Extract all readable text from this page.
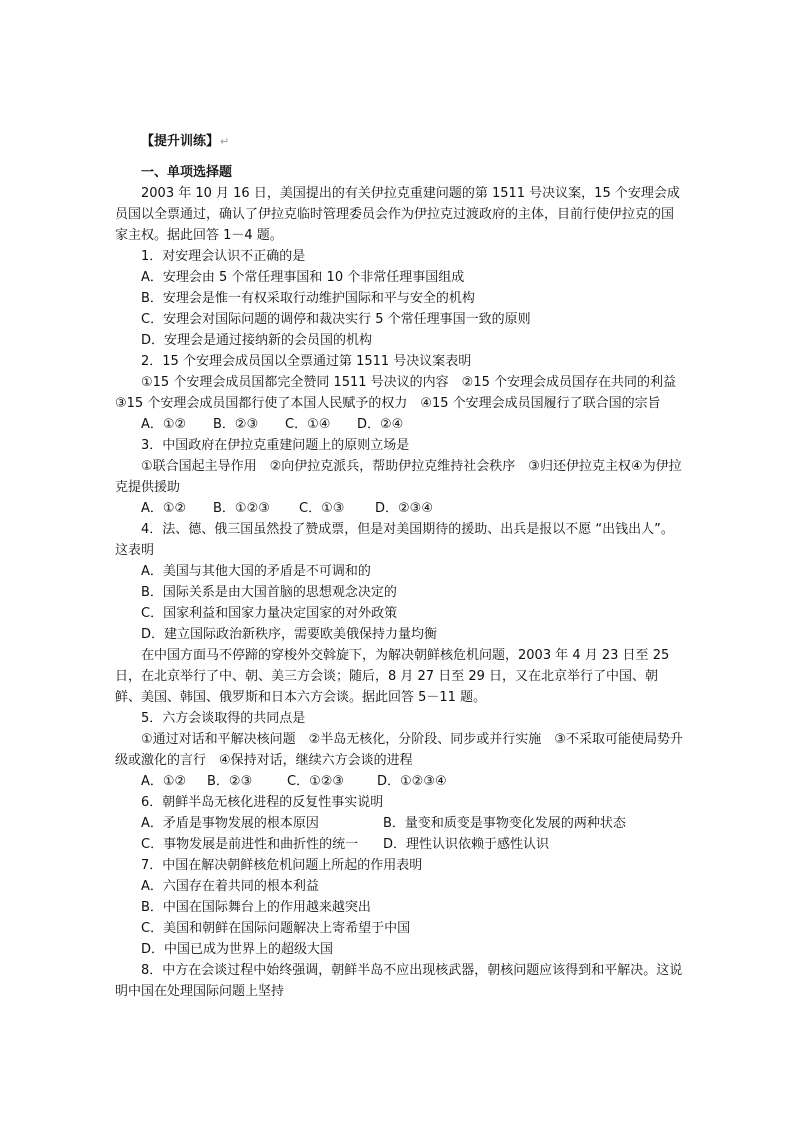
【提升训练】↵
一、单项选择题
2003 年 10 月 16 日，美国提出的有关伊拉克重建问题的第 1511 号决议案，15 个安理会成员国以全票通过，确认了伊拉克临时管理委员会作为伊拉克过渡政府的主体，目前行使伊拉克的国家主权。据此回答 1－4 题。
1．对安理会认识不正确的是
A．安理会由 5 个常任理事国和 10 个非常任理事国组成
B．安理会是惟一有权采取行动维护国际和平与安全的机构
C．安理会对国际问题的调停和裁决实行 5 个常任理事国一致的原则
D．安理会是通过接纳新的会员国的机构
2．15 个安理会成员国以全票通过第 1511 号决议案表明
①15 个安理会成员国都完全赞同 1511 号决议的内容　②15 个安理会成员国存在共同的利益　③15 个安理会成员国都行使了本国人民赋予的权力　④15 个安理会成员国履行了联合国的宗旨
A．①② B．②③ C．①④ D．②④
3．中国政府在伊拉克重建问题上的原则立场是
①联合国起主导作用　②向伊拉克派兵，帮助伊拉克维持社会秩序　③归还伊拉克主权④为伊拉克提供援助
A．①② B．①②③ C．①③ D．②③④
4．法、德、俄三国虽然投了赞成票，但是对美国期待的援助、出兵是报以不愿 “出钱出人”。这表明
A．美国与其他大国的矛盾是不可调和的
B．国际关系是由大国首脑的思想观念决定的
C．国家利益和国家力量决定国家的对外政策
D．建立国际政治新秩序，需要欧美俄保持力量均衡
在中国方面马不停蹄的穿梭外交斡旋下，为解决朝鲜核危机问题，2003 年 4 月 23 日至 25 日，在北京举行了中、朝、美三方会谈；随后，8 月 27 日至 29 日，又在北京举行了中国、朝鲜、美国、韩国、俄罗斯和日本六方会谈。据此回答 5－11 题。
5．六方会谈取得的共同点是
①通过对话和平解决核问题　②半岛无核化，分阶段、同步或并行实施　③不采取可能使局势升级或激化的言行　④保持对话，继续六方会谈的进程
A．①② B．②③	C．①②③	D．①②③④
6．朝鲜半岛无核化进程的反复性事实说明
A．矛盾是事物发展的根本原因	B．量变和质变是事物变化发展的两种状态
C．事物发展是前进性和曲折性的统一 D．理性认识依赖于感性认识
7．中国在解决朝鲜核危机问题上所起的作用表明
A．六国存在着共同的根本利益
B．中国在国际舞台上的作用越来越突出
C．美国和朝鲜在国际问题解决上寄希望于中国
D．中国已成为世界上的超级大国
8．中方在会谈过程中始终强调，朝鲜半岛不应出现核武器，朝核问题应该得到和平解决。这说明中国在处理国际问题上坚持
